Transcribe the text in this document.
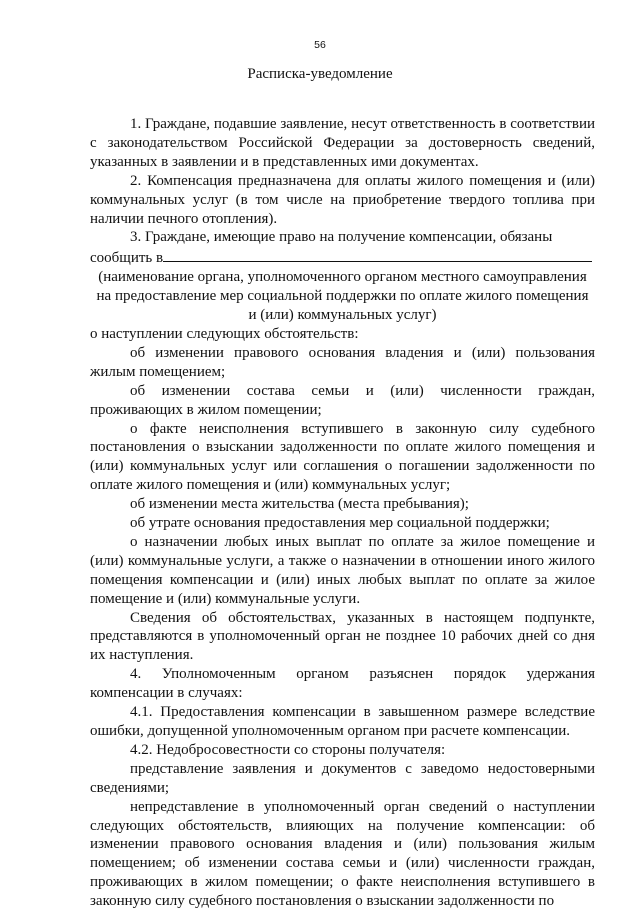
56
Расписка-уведомление

1. Граждане, подавшие заявление, несут ответственность в соответствии с законодательством Российской Федерации за достоверность сведений, указанных в заявлении и в представленных ими документах.

2. Компенсация предназначена для оплаты жилого помещения и (или) коммунальных услуг (в том числе на приобретение твердого топлива при наличии печного отопления).

3. Граждане, имеющие право на получение компенсации, обязаны

сообщить в

(наименование органа, уполномоченного органом местного самоуправления

на предоставление мер социальной поддержки по оплате жилого помещения

и (или) коммунальных услуг)

о наступлении следующих обстоятельств:

об изменении правового основания владения и (или) пользования жилым помещением;

об изменении состава семьи и (или) численности граждан, проживающих в жилом помещении;

о факте неисполнения вступившего в законную силу судебного постановления о взыскании задолженности по оплате жилого помещения и (или) коммунальных услуг или соглашения о погашении задолженности по оплате жилого помещения и (или) коммунальных услуг;

об изменении места жительства (места пребывания);

об утрате основания предоставления мер социальной поддержки;

о назначении любых иных выплат по оплате за жилое помещение и (или) коммунальные услуги, а также о назначении в отношении иного жилого помещения компенсации и (или) иных любых выплат по оплате за жилое помещение и (или) коммунальные услуги.

Сведения об обстоятельствах, указанных в настоящем подпункте, представляются в уполномоченный орган не позднее 10 рабочих дней со дня их наступления.

4. Уполномоченным органом разъяснен порядок удержания компенсации в случаях:

4.1. Предоставления компенсации в завышенном размере вследствие ошибки, допущенной уполномоченным органом при расчете компенсации.

4.2. Недобросовестности со стороны получателя:

представление заявления и документов с заведомо недостоверными сведениями;

непредставление в уполномоченный орган сведений о наступлении следующих обстоятельств, влияющих на получение компенсации: об изменении правового основания владения и (или) пользования жилым помещением; об изменении состава семьи и (или) численности граждан, проживающих в жилом помещении; о факте неисполнения вступившего в законную силу судебного постановления о взыскании задолженности по
